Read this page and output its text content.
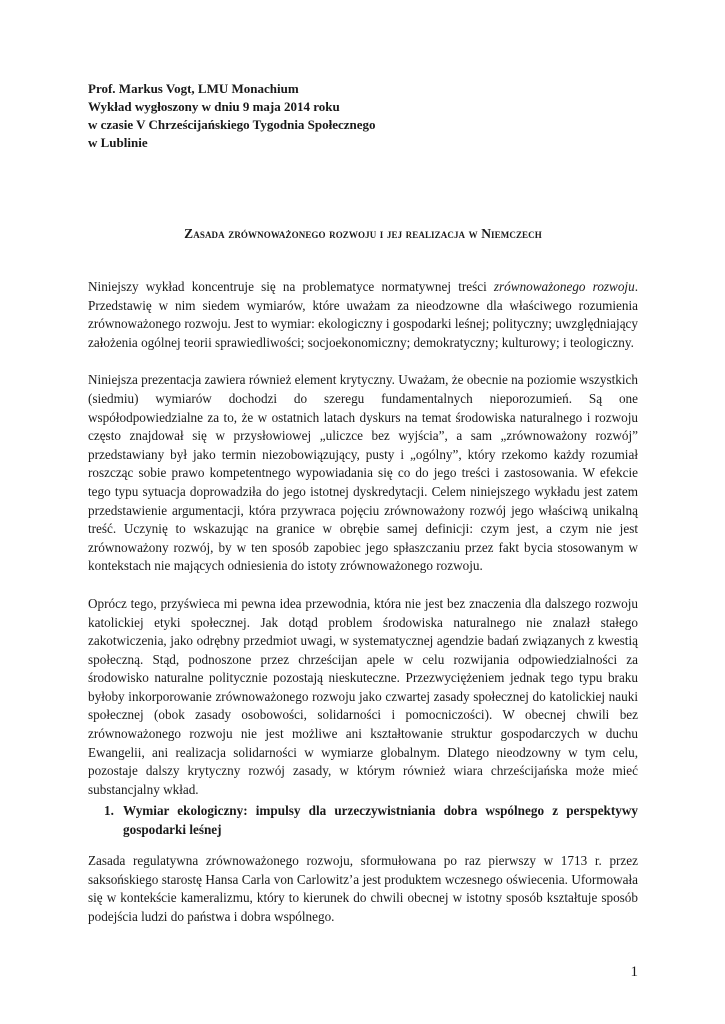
Prof. Markus Vogt, LMU Monachium
Wykład wygłoszony w dniu 9 maja 2014 roku
w czasie V Chrześcijańskiego Tygodnia Społecznego
w Lublinie
Zasada zrównoważonego rozwoju i jej realizacja w Niemczech

Niniejszy wykład koncentruje się na problematyce normatywnej treści zrównoważonego rozwoju. Przedstawię w nim siedem wymiarów, które uważam za nieodzowne dla właściwego rozumienia zrównoważonego rozwoju. Jest to wymiar: ekologiczny i gospodarki leśnej; polityczny; uwzględniający założenia ogólnej teorii sprawiedliwości; socjoekonomiczny; demokratyczny; kulturowy; i teologiczny.

Niniejsza prezentacja zawiera również element krytyczny. Uważam, że obecnie na poziomie wszystkich (siedmiu) wymiarów dochodzi do szeregu fundamentalnych nieporozumień. Są one współodpowiedzialne za to, że w ostatnich latach dyskurs na temat środowiska naturalnego i rozwoju często znajdował się w przysłowiowej „uliczce bez wyjścia”, a sam „zrównoważony rozwój” przedstawiany był jako termin niezobowiązujący, pusty i „ogólny”, który rzekomo każdy rozumiał roszcząc sobie prawo kompetentnego wypowiadania się co do jego treści i zastosowania. W efekcie tego typu sytuacja doprowadziła do jego istotnej dyskredytacji. Celem niniejszego wykładu jest zatem przedstawienie argumentacji, która przywraca pojęciu zrównoważony rozwój jego właściwą unikalną treść. Uczynię to wskazując na granice w obrębie samej definicji: czym jest, a czym nie jest zrównoważony rozwój, by w ten sposób zapobiec jego spłaszczaniu przez fakt bycia stosowanym w kontekstach nie mających odniesienia do istoty zrównoważonego rozwoju.

Oprócz tego, przyświeca mi pewna idea przewodnia, która nie jest bez znaczenia dla dalszego rozwoju katolickiej etyki społecznej. Jak dotąd problem środowiska naturalnego nie znalazł stałego zakotwiczenia, jako odrębny przedmiot uwagi, w systematycznej agendzie badań związanych z kwestią społeczną. Stąd, podnoszone przez chrześcijan apele w celu rozwijania odpowiedzialności za środowisko naturalne politycznie pozostają nieskuteczne. Przezwyciężeniem jednak tego typu braku byłoby inkorporowanie zrównoważonego rozwoju jako czwartej zasady społecznej do katolickiej nauki społecznej (obok zasady osobowości, solidarności i pomocniczości). W obecnej chwili bez zrównoważonego rozwoju nie jest możliwe ani kształtowanie struktur gospodarczych w duchu Ewangelii, ani realizacja solidarności w wymiarze globalnym. Dlatego nieodzowny w tym celu, pozostaje dalszy krytyczny rozwój zasady, w którym również wiara chrześcijańska może mieć substancjalny wkład.

1. Wymiar ekologiczny: impulsy dla urzeczywistniania dobra wspólnego z perspektywy gospodarki leśnej
Zasada regulatywna zrównoważonego rozwoju, sformułowana po raz pierwszy w 1713 r. przez saksońskiego starostę Hansa Carla von Carlowitz’a jest produktem wczesnego oświecenia. Uformowała się w kontekście kameralizmu, który to kierunek do chwili obecnej w istotny sposób kształtuje sposób podejścia ludzi do państwa i dobra wspólnego.
1
